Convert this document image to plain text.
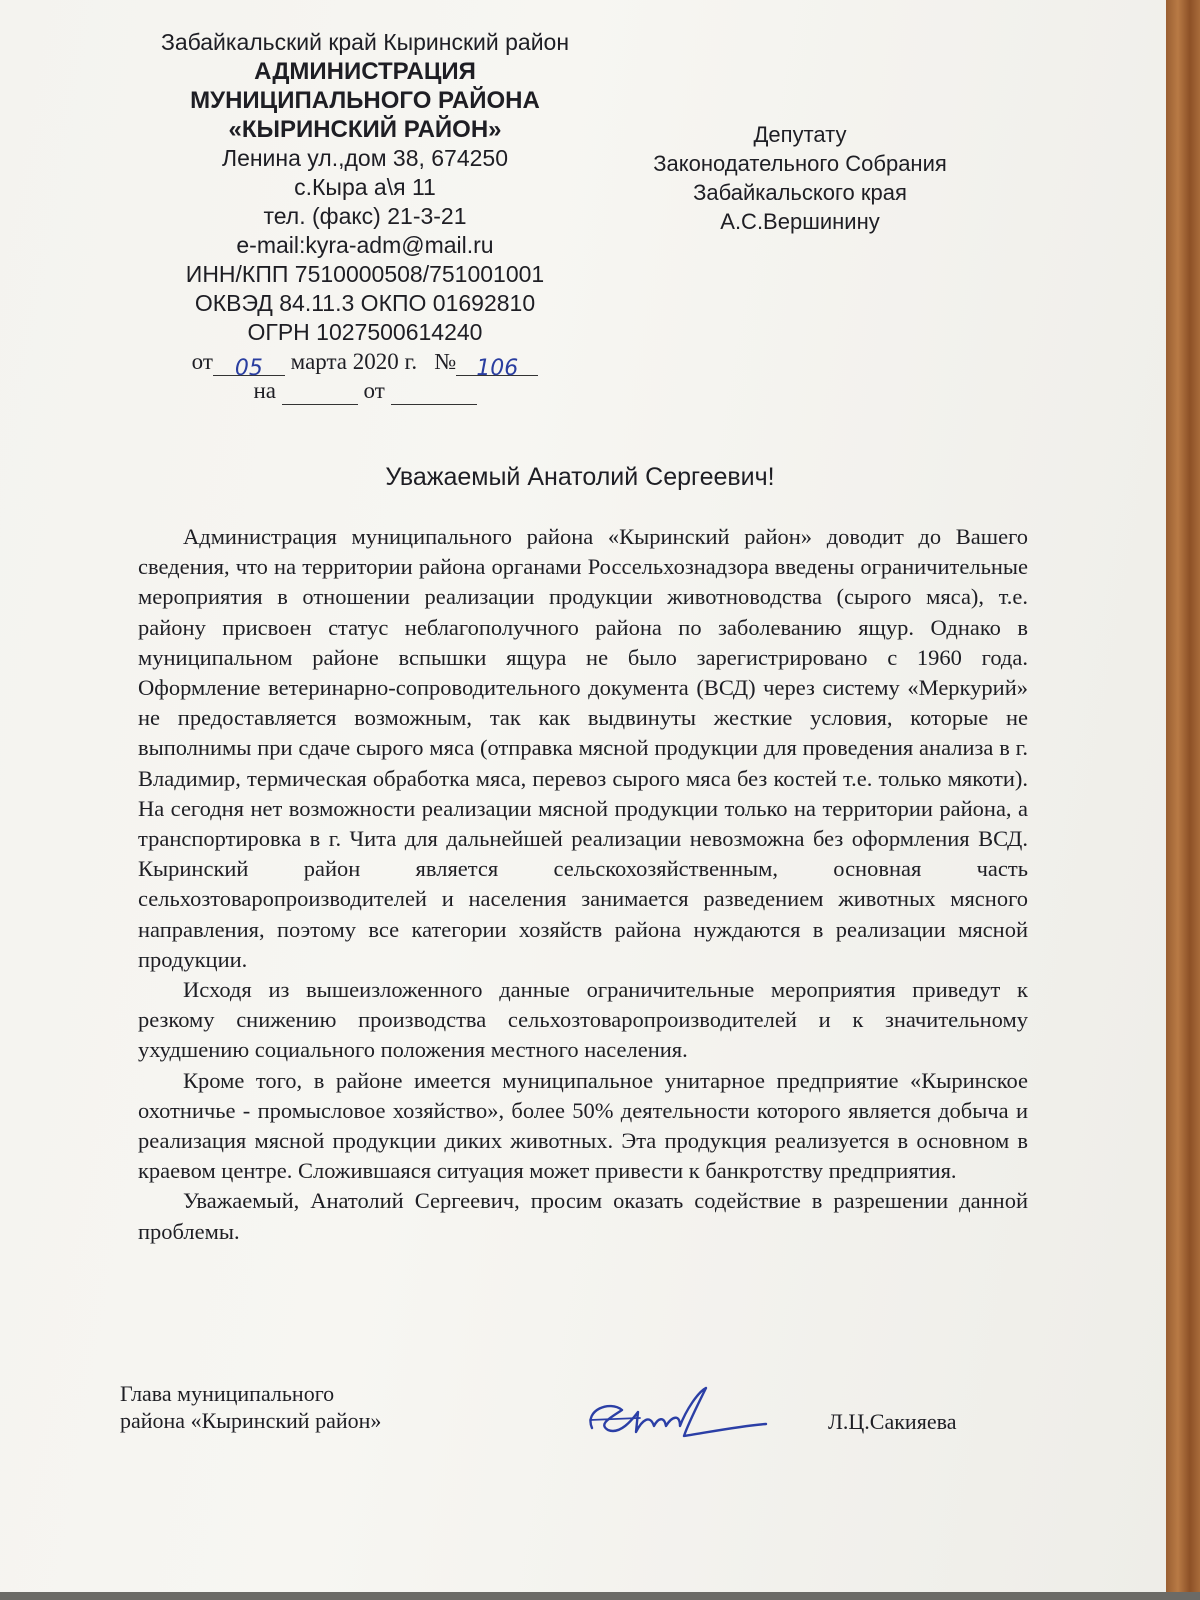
Забайкальский край Кыринский район
АДМИНИСТРАЦИЯ
МУНИЦИПАЛЬНОГО РАЙОНА
«КЫРИНСКИЙ РАЙОН»
Ленина ул.,дом 38, 674250
с.Кыра а\я 11
тел. (факс) 21-3-21
e-mail:kyra-adm@mail.ru
ИНН/КПП 7510000508/751001001
ОКВЭД 84.11.3 ОКПО 01692810
ОГРН 1027500614240
от 05 марта 2020 г. № 106
на	от
Депутату
Законодательного Собрания
Забайкальского края
А.С.Вершинину
Уважаемый Анатолий Сергеевич!

Администрация муниципального района «Кыринский район» доводит до Вашего сведения, что на территории района органами Россельхознадзора введены ограничительные мероприятия в отношении реализации продукции животноводства (сырого мяса), т.е. району присвоен статус неблагополучного района по заболеванию ящур. Однако в муниципальном районе вспышки ящура не было зарегистрировано с 1960 года. Оформление ветеринарно-сопроводительного документа (ВСД) через систему «Меркурий» не предоставляется возможным, так как выдвинуты жесткие условия, которые не выполнимы при сдаче сырого мяса (отправка мясной продукции для проведения анализа в г. Владимир, термическая обработка мяса, перевоз сырого мяса без костей т.е. только мякоти). На сегодня нет возможности реализации мясной продукции только на территории района, а транспортировка в г. Чита для дальнейшей реализации невозможна без оформления ВСД. Кыринский район является сельскохозяйственным, основная часть сельхозтоваропроизводителей и населения занимается разведением животных мясного направления, поэтому все категории хозяйств района нуждаются в реализации мясной продукции.

Исходя из вышеизложенного данные ограничительные мероприятия приведут к резкому снижению производства сельхозтоваропроизводителей и к значительному ухудшению социального положения местного населения.

Кроме того, в районе имеется муниципальное унитарное предприятие «Кыринское охотничье - промысловое хозяйство», более 50% деятельности которого является добыча и реализация мясной продукции диких животных. Эта продукция реализуется в основном в краевом центре. Сложившаяся ситуация может привести к банкротству предприятия.

Уважаемый, Анатолий Сергеевич, просим оказать содействие в разрешении данной проблемы.

Глава муниципального
района «Кыринский район»	Л.Ц.Сакияева
